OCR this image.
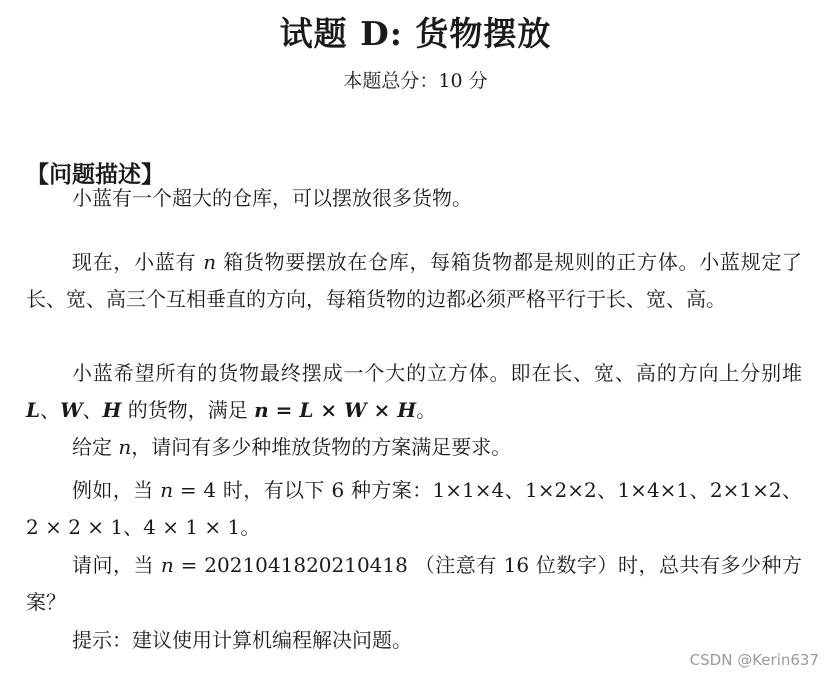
试题 D: 货物摆放
本题总分：10 分
【问题描述】

小蓝有一个超大的仓库，可以摆放很多货物。

现在，小蓝有 n 箱货物要摆放在仓库，每箱货物都是规则的正方体。小蓝规定了长、宽、高三个互相垂直的方向，每箱货物的边都必须严格平行于长、宽、高。

小蓝希望所有的货物最终摆成一个大的立方体。即在长、宽、高的方向上分别堆 L、W、H 的货物，满足 n = L × W × H。

给定 n，请问有多少种堆放货物的方案满足要求。

例如，当 n = 4 时，有以下 6 种方案：1×1×4、1×2×2、1×4×1、2×1×2、2 × 2 × 1、4 × 1 × 1。

请问，当 n = 2021041820210418 （注意有 16 位数字）时，总共有多少种方案？

提示：建议使用计算机编程解决问题。

CSDN @Kerin637
